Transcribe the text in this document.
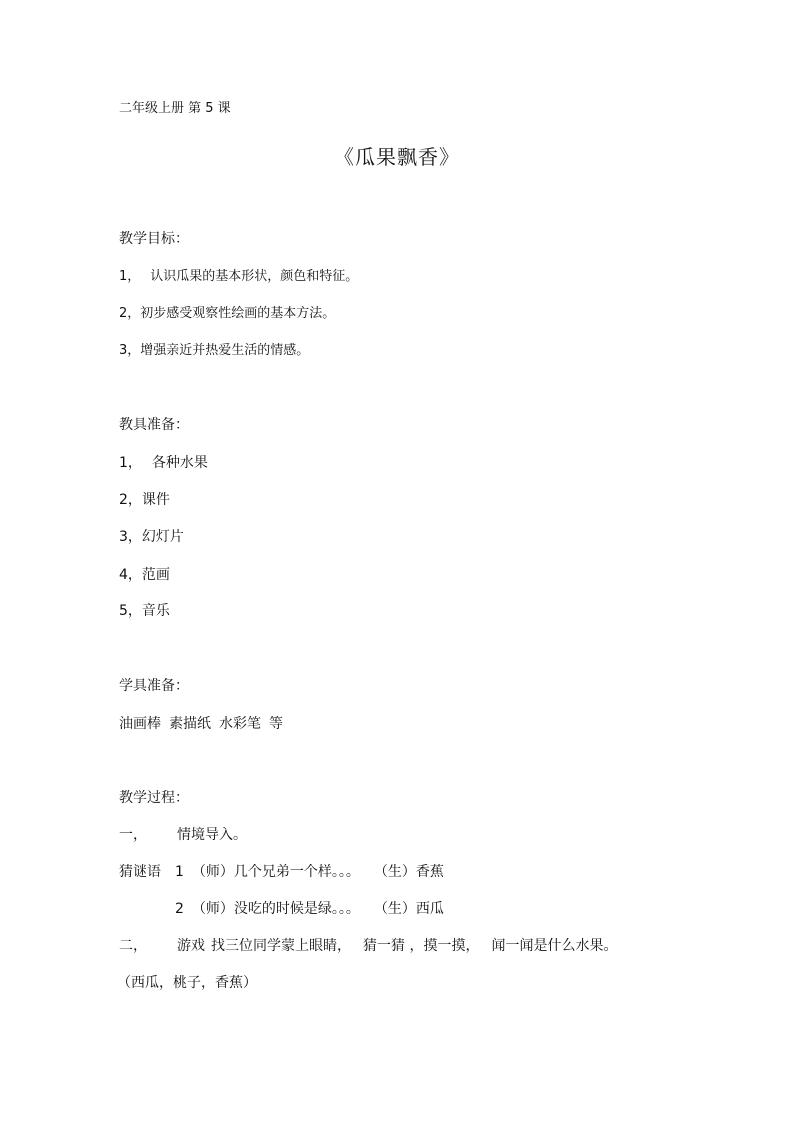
二年级上册 第 5 课
《瓜果飘香》
教学目标：
1， 认识瓜果的基本形状，颜色和特征。
2，初步感受观察性绘画的基本方法。
3，增强亲近并热爱生活的情感。
教具准备：
1， 各种水果
2，课件
3，幻灯片
4，范画
5，音乐
学具准备：
油画棒 素描纸 水彩笔 等
教学过程：
一， 情境导入。
猜谜语 1 （师）几个兄弟一个样。。。 （生）香蕉
2 （师）没吃的时候是绿。。。 （生）西瓜
二， 游戏 找三位同学蒙上眼睛， 猜一猜 ，摸一摸， 闻一闻是什么水果。
（西瓜，桃子，香蕉）
